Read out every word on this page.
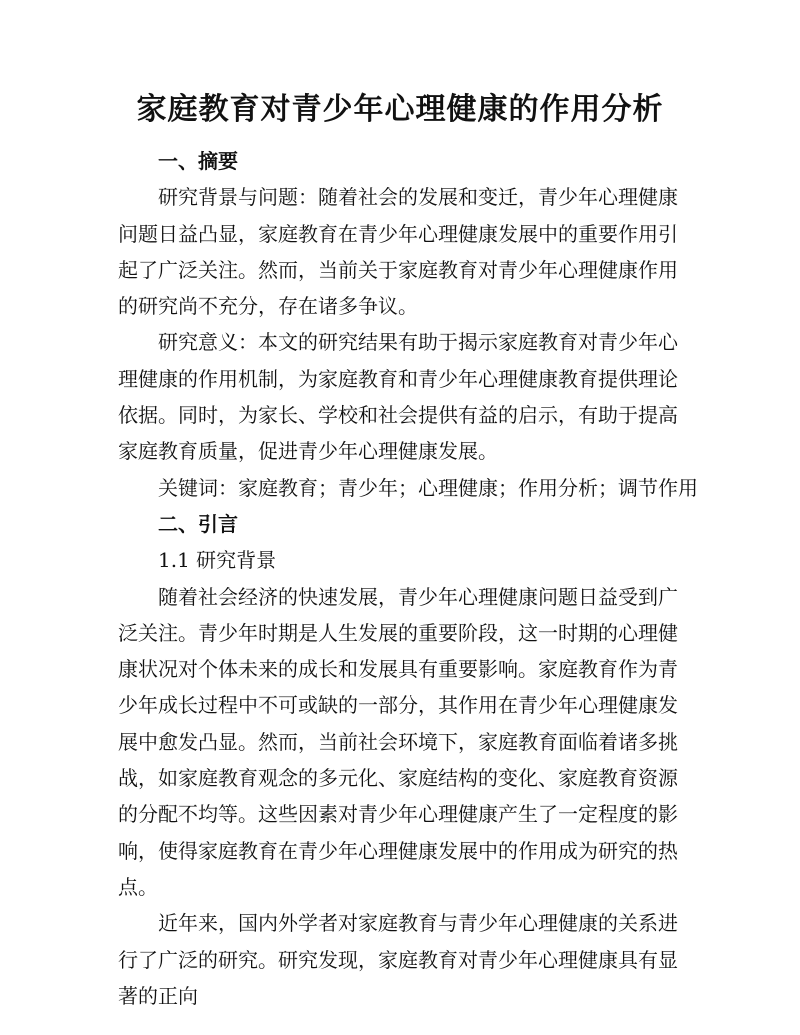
家庭教育对青少年心理健康的作用分析

一、摘要

研究背景与问题：随着社会的发展和变迁，青少年心理健康问题日益凸显，家庭教育在青少年心理健康发展中的重要作用引起了广泛关注。然而，当前关于家庭教育对青少年心理健康作用的研究尚不充分，存在诸多争议。

研究意义：本文的研究结果有助于揭示家庭教育对青少年心理健康的作用机制，为家庭教育和青少年心理健康教育提供理论依据。同时，为家长、学校和社会提供有益的启示，有助于提高家庭教育质量，促进青少年心理健康发展。

关键词：家庭教育；青少年；心理健康；作用分析；调节作用

二、引言

1.1 研究背景

随着社会经济的快速发展，青少年心理健康问题日益受到广泛关注。青少年时期是人生发展的重要阶段，这一时期的心理健康状况对个体未来的成长和发展具有重要影响。家庭教育作为青少年成长过程中不可或缺的一部分，其作用在青少年心理健康发展中愈发凸显。然而，当前社会环境下，家庭教育面临着诸多挑战，如家庭教育观念的多元化、家庭结构的变化、家庭教育资源的分配不均等。这些因素对青少年心理健康产生了一定程度的影响，使得家庭教育在青少年心理健康发展中的作用成为研究的热点。

近年来，国内外学者对家庭教育与青少年心理健康的关系进行了广泛的研究。研究发现，家庭教育对青少年心理健康具有显著的正向
